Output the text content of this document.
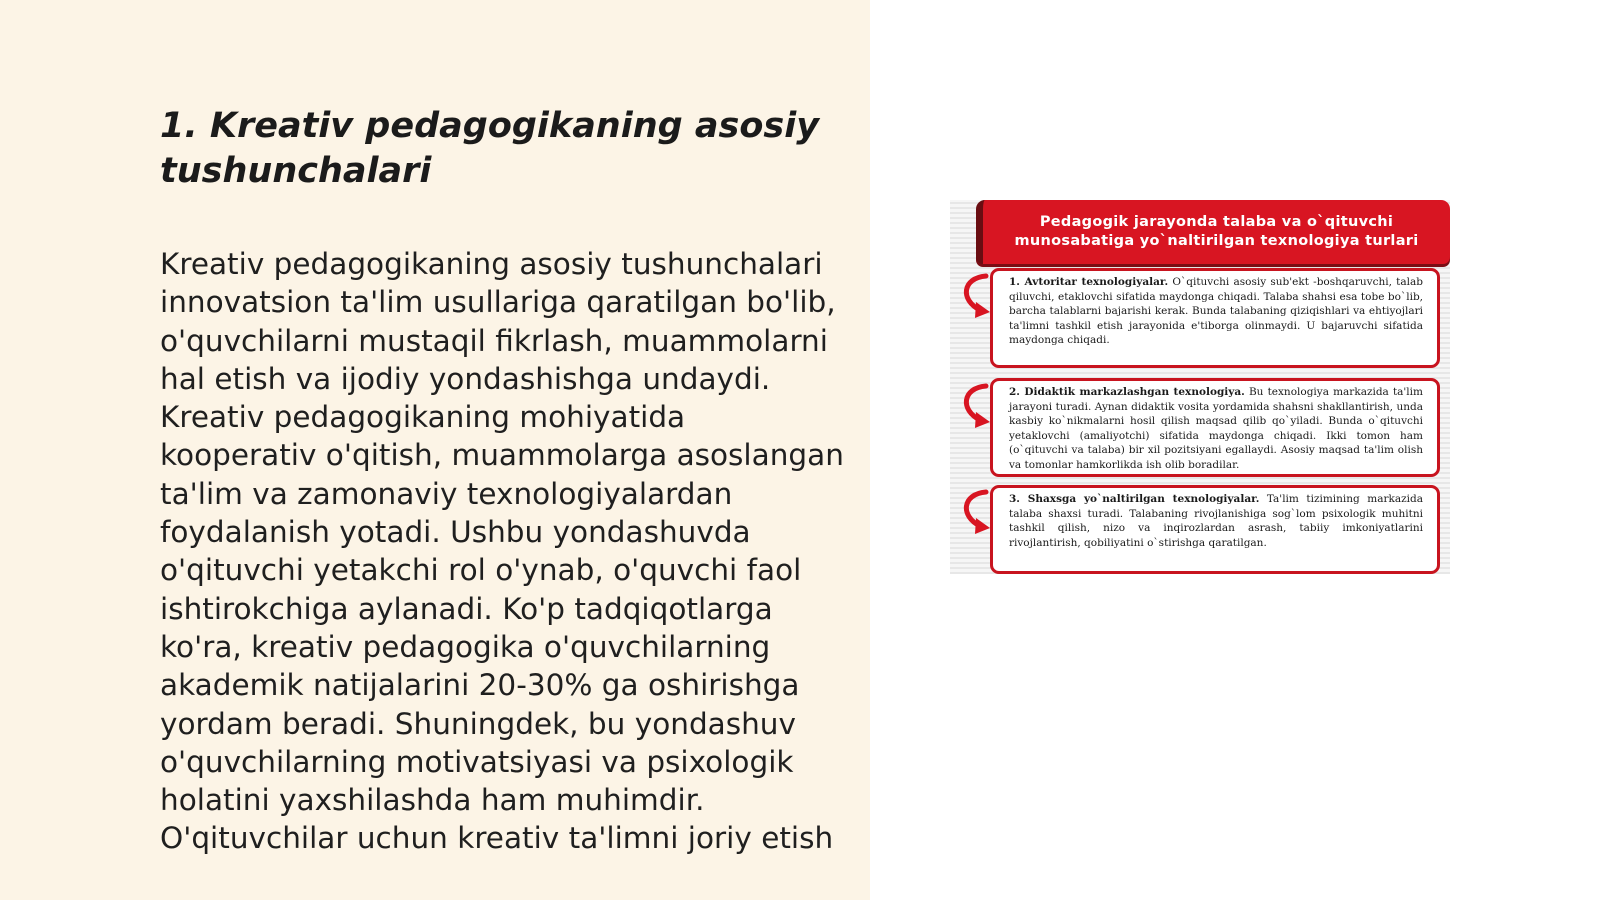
1. Kreativ pedagogikaning asosiy tushunchalari

Kreativ pedagogikaning asosiy tushunchalari innovatsion ta'lim usullariga qaratilgan bo'lib, o'quvchilarni mustaqil fikrlash, muammolarni hal etish va ijodiy yondashishga undaydi. Kreativ pedagogikaning mohiyatida kooperativ o'qitish, muammolarga asoslangan ta'lim va zamonaviy texnologiyalardan foydalanish yotadi. Ushbu yondashuvda o'qituvchi yetakchi rol o'ynab, o'quvchi faol ishtirokchiga aylanadi. Ko'p tadqiqotlarga ko'ra, kreativ pedagogika o'quvchilarning akademik natijalarini 20-30% ga oshirishga yordam beradi. Shuningdek, bu yondashuv o'quvchilarning motivatsiyasi va psixologik holatini yaxshilashda ham muhimdir. O'qituvchilar uchun kreativ ta'limni joriy etish

Pedagogik jarayonda talaba va o`qituvchi munosabatiga yo`naltirilgan texnologiya turlari
1. Avtoritar texnologiyalar. O`qituvchi asosiy sub'ekt -boshqaruvchi, talab qiluvchi, etaklovchi sifatida maydonga chiqadi. Talaba shahsi esa tobe bo`lib, barcha talablarni bajarishi kerak. Bunda talabaning qiziqishlari va ehtiyojlari ta'limni tashkil etish jarayonida e'tiborga olinmaydi. U bajaruvchi sifatida maydonga chiqadi.
2. Didaktik markazlashgan texnologiya. Bu texnologiya markazida ta'lim jarayoni turadi. Aynan didaktik vosita yordamida shahsni shakllantirish, unda kasbiy ko`nikmalarni hosil qilish maqsad qilib qo`yiladi. Bunda o`qituvchi yetaklovchi (amaliyotchi) sifatida maydonga chiqadi. Ikki tomon ham (o`qituvchi va talaba) bir xil pozitsiyani egallaydi. Asosiy maqsad ta'lim olish va tomonlar hamkorlikda ish olib boradilar.
3. Shaxsga yo`naltirilgan texnologiyalar. Ta'lim tizimining markazida talaba shaxsi turadi. Talabaning rivojlanishiga sog`lom psixologik muhitni tashkil qilish, nizo va inqirozlardan asrash, tabiiy imkoniyatlarini rivojlantirish, qobiliyatini o`stirishga qaratilgan.
